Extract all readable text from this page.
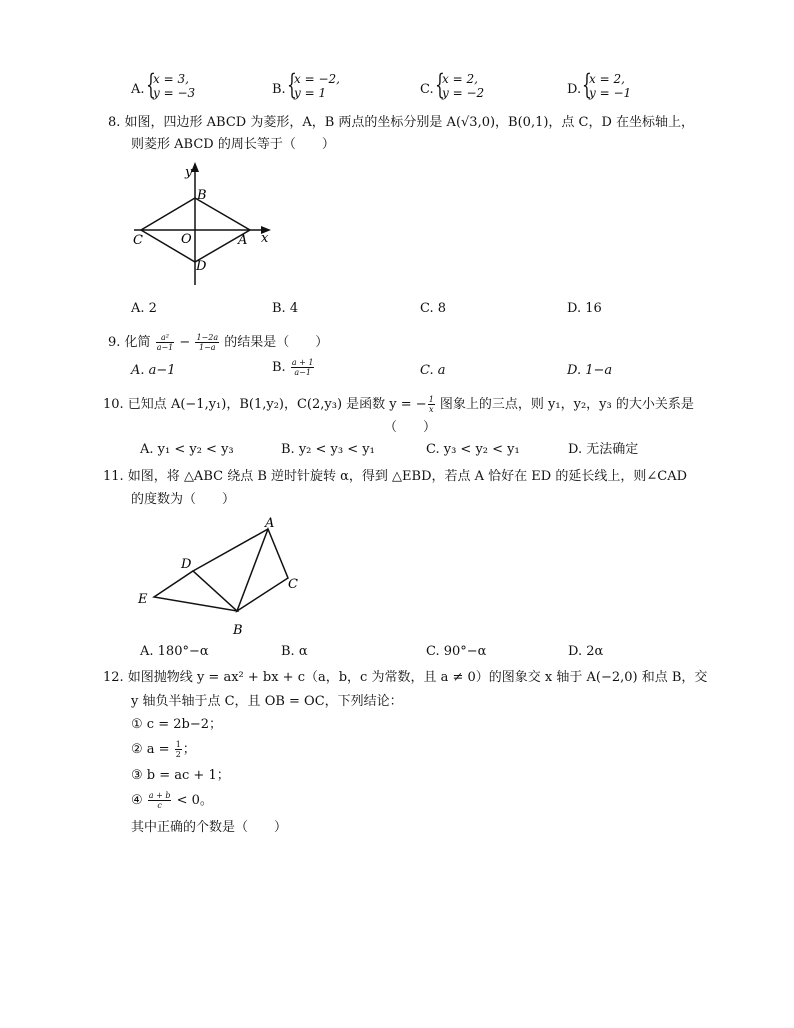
A. {
x = 3,
y = −3	B. {
x = −2,
y = 1	C. {
x = 2,
y = −2	D. {
x = 2,
y = −1
8. 如图，四边形 ABCD 为菱形，A，B 两点的坐标分别是 A(√3,0)，B(0,1)，点 C，D 在坐标轴上，
则菱形 ABCD 的周长等于（　　）
y
B
C	O	A x
D
A. 2	B. 4	C. 8	D. 16
9. 化简 $\frac{\text{a²}}{a-1} - \frac{1-2a}{1-a}$ 的结果是（　　）
A. a−1	B. $\frac{a + 1}{a-1}$	C. a	D. 1−a
10. 已知点 A(−1,y₁)，B(1,y₂)，C(2,y₃) 是函数 y = − $\frac{1}{x}$ 图象上的三点，则 y₁，y₂，y₃ 的大小关系是
（　　）
A. y₁ < y₂ < y₃	B. y₂ < y₃ < y₁	C. y₃ < y₂ < y₁	D. 无法确定
11. 如图，将 △ABC 绕点 B 逆时针旋转 α，得到 △EBD，若点 A 恰好在 ED 的延长线上，则∠CAD
的度数为（　　）
A
D
C
E
B
A. 180°−α	B. α	C. 90°−α	D. 2α
12. 如图抛物线 y = ax² + bx + c（a，b，c 为常数，且 a ≠ 0）的图象交 x 轴于 A(−2,0) 和点 B，交
y 轴负半轴于点 C，且 OB = OC，下列结论：
① c = 2b−2；
② $a = \frac{1}{2}$ ；
③ b = ac + 1；
④ $\frac{a + b}{c} < 0$。
其中正确的个数是（　　）
